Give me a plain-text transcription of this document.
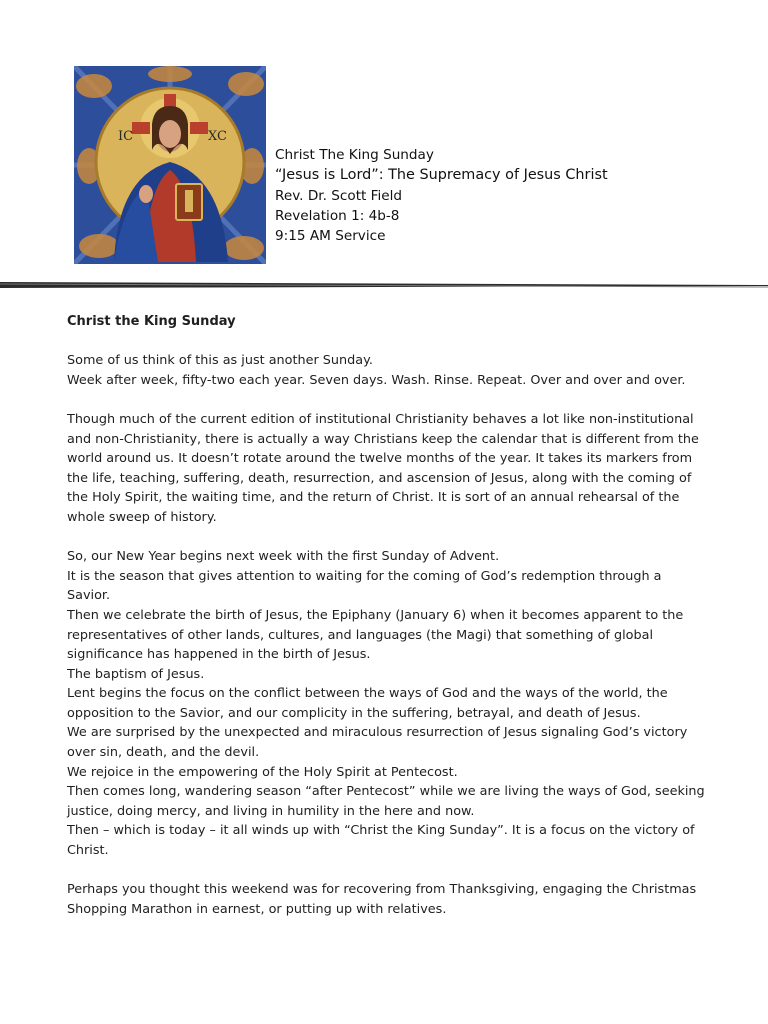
IC	XC
Christ The King Sunday
“Jesus is Lord”: The Supremacy of Jesus Christ
Rev. Dr. Scott Field
Revelation 1: 4b-8
9:15 AM Service
Christ the King Sunday

Some of us think of this as just another Sunday.
Week after week, fifty-two each year. Seven days. Wash. Rinse. Repeat. Over and over and over.

Though much of the current edition of institutional Christianity behaves a lot like non-institutional and non-Christianity, there is actually a way Christians keep the calendar that is different from the world around us. It doesn’t rotate around the twelve months of the year. It takes its markers from the life, teaching, suffering, death, resurrection, and ascension of Jesus, along with the coming of the Holy Spirit, the waiting time, and the return of Christ. It is sort of an annual rehearsal of the whole sweep of history.

So, our New Year begins next week with the first Sunday of Advent.
It is the season that gives attention to waiting for the coming of God’s redemption through a Savior.
Then we celebrate the birth of Jesus, the Epiphany (January 6) when it becomes apparent to the representatives of other lands, cultures, and languages (the Magi) that something of global significance has happened in the birth of Jesus.
The baptism of Jesus.
Lent begins the focus on the conflict between the ways of God and the ways of the world, the opposition to the Savior, and our complicity in the suffering, betrayal, and death of Jesus.
We are surprised by the unexpected and miraculous resurrection of Jesus signaling God’s victory over sin, death, and the devil.
We rejoice in the empowering of the Holy Spirit at Pentecost.
Then comes long, wandering season “after Pentecost” while we are living the ways of God, seeking justice, doing mercy, and living in humility in the here and now.
Then – which is today – it all winds up with “Christ the King Sunday”. It is a focus on the victory of Christ.

Perhaps you thought this weekend was for recovering from Thanksgiving, engaging the Christmas Shopping Marathon in earnest, or putting up with relatives.
